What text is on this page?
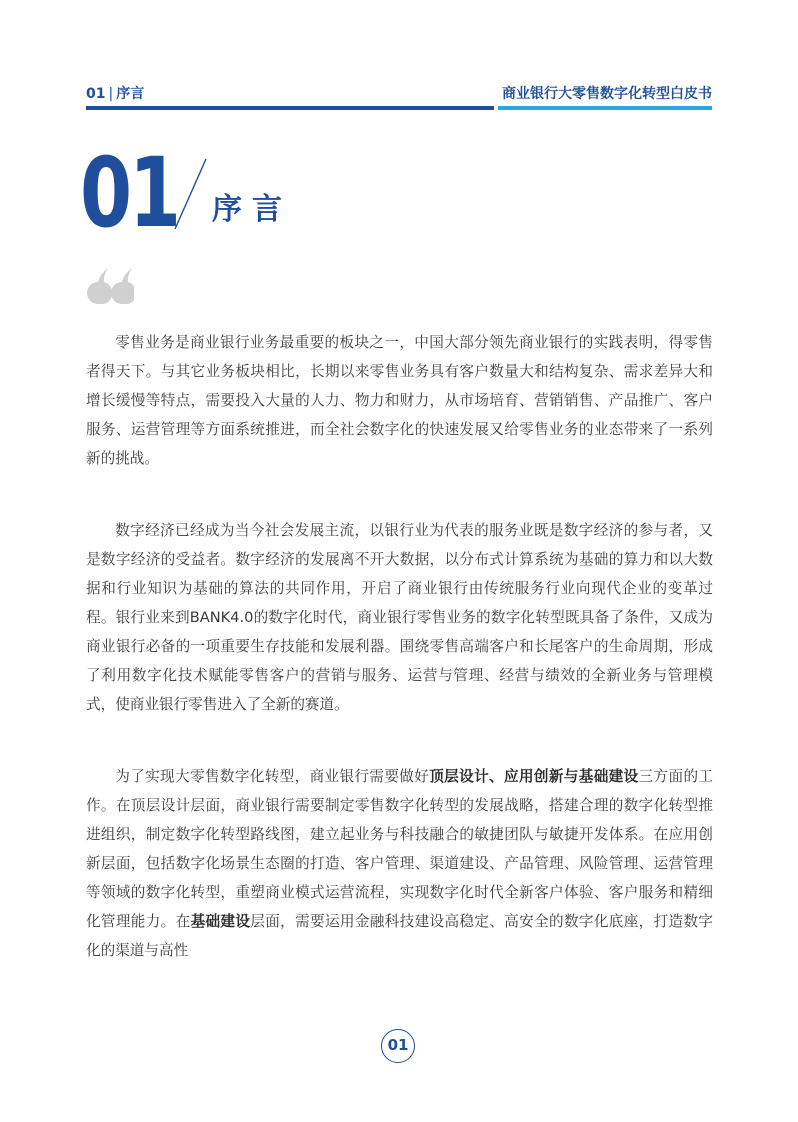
01 | 序言	商业银行大零售数字化转型白皮书
01 序言

零售业务是商业银行业务最重要的板块之一，中国大部分领先商业银行的实践表明，得零售者得天下。与其它业务板块相比，长期以来零售业务具有客户数量大和结构复杂、需求差异大和增长缓慢等特点，需要投入大量的人力、物力和财力，从市场培育、营销销售、产品推广、客户服务、运营管理等方面系统推进，而全社会数字化的快速发展又给零售业务的业态带来了一系列新的挑战。

数字经济已经成为当今社会发展主流，以银行业为代表的服务业既是数字经济的参与者，又是数字经济的受益者。数字经济的发展离不开大数据，以分布式计算系统为基础的算力和以大数据和行业知识为基础的算法的共同作用，开启了商业银行由传统服务行业向现代企业的变革过程。银行业来到BANK4.0的数字化时代，商业银行零售业务的数字化转型既具备了条件，又成为商业银行必备的一项重要生存技能和发展利器。围绕零售高端客户和长尾客户的生命周期，形成了利用数字化技术赋能零售客户的营销与服务、运营与管理、经营与绩效的全新业务与管理模式，使商业银行零售进入了全新的赛道。

为了实现大零售数字化转型，商业银行需要做好顶层设计、应用创新与基础建设三方面的工作。在顶层设计层面，商业银行需要制定零售数字化转型的发展战略，搭建合理的数字化转型推进组织，制定数字化转型路线图，建立起业务与科技融合的敏捷团队与敏捷开发体系。在应用创新层面，包括数字化场景生态圈的打造、客户管理、渠道建设、产品管理、风险管理、运营管理等领域的数字化转型，重塑商业模式运营流程，实现数字化时代全新客户体验、客户服务和精细化管理能力。在基础建设层面，需要运用金融科技建设高稳定、高安全的数字化底座，打造数字化的渠道与高性

01
